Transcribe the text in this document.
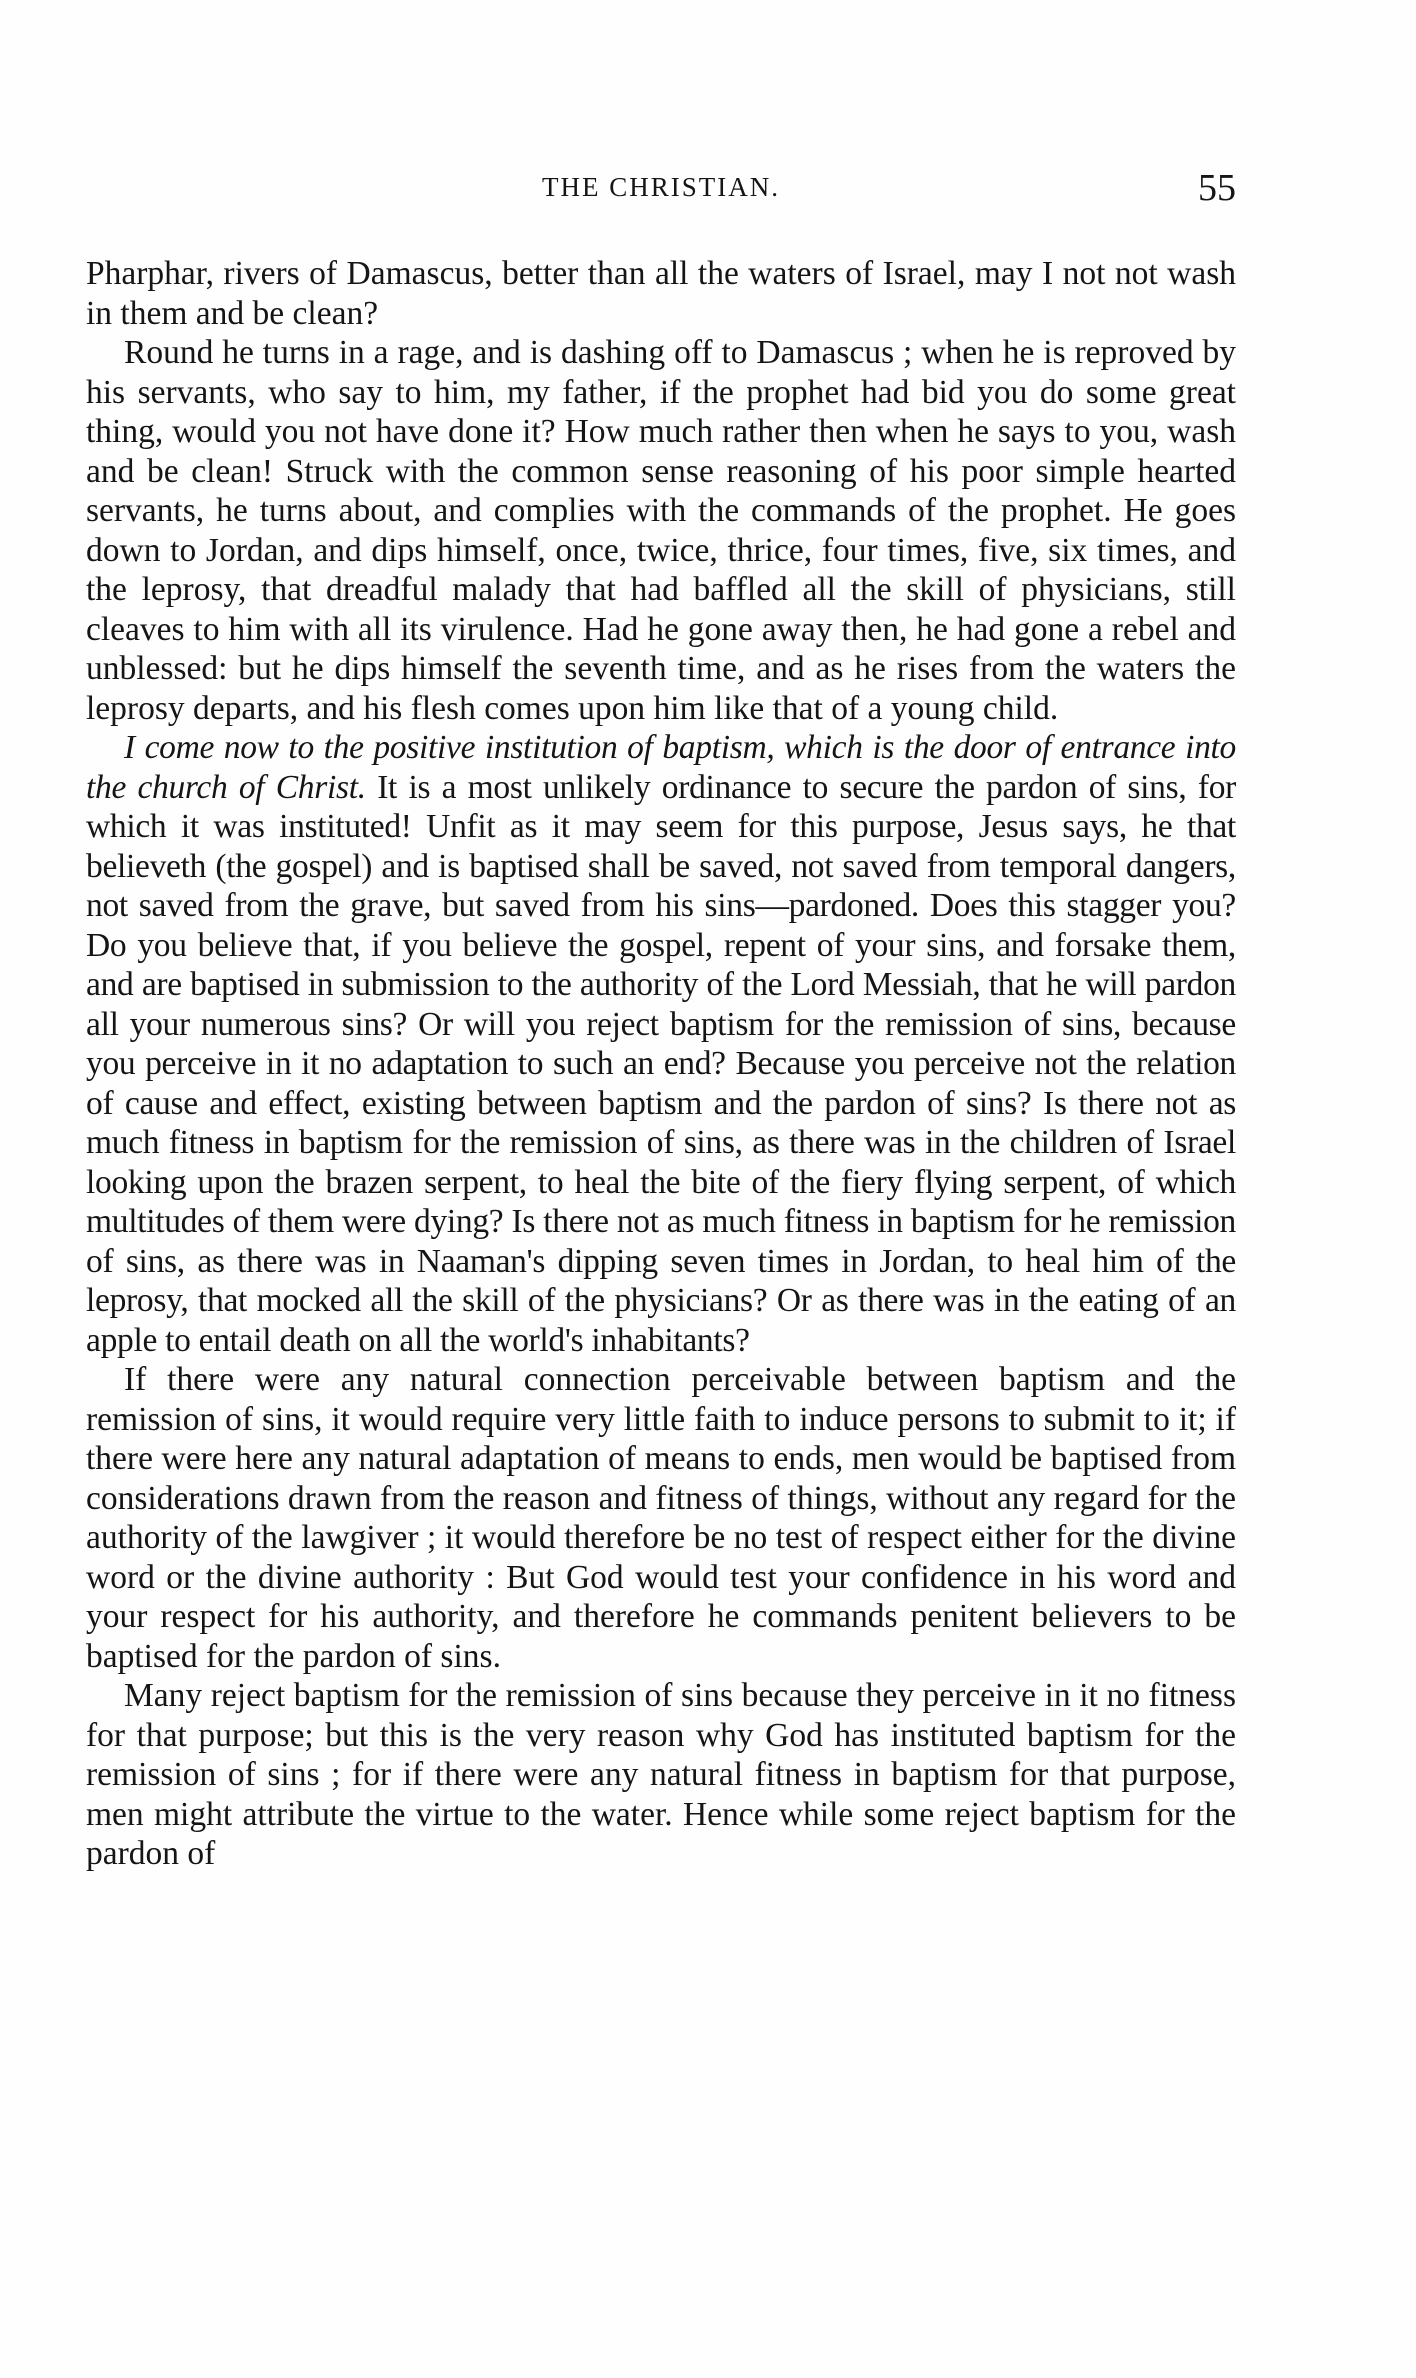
THE CHRISTIAN.	55

Pharphar, rivers of Damascus, better than all the waters of Israel, may I not not wash in them and be clean?

Round he turns in a rage, and is dashing off to Damascus ; when he is reproved by his servants, who say to him, my father, if the prophet had bid you do some great thing, would you not have done it? How much rather then when he says to you, wash and be clean! Struck with the common sense reasoning of his poor simple hearted servants, he turns about, and complies with the commands of the prophet. He goes down to Jordan, and dips himself, once, twice, thrice, four times, five, six times, and the leprosy, that dreadful malady that had baffled all the skill of physicians, still cleaves to him with all its virulence. Had he gone away then, he had gone a rebel and unblessed: but he dips himself the seventh time, and as he rises from the waters the leprosy departs, and his flesh comes upon him like that of a young child.

I come now to the positive institution of baptism, which is the door of entrance into the church of Christ. It is a most unlikely ordinance to secure the pardon of sins, for which it was instituted! Unfit as it may seem for this purpose, Jesus says, he that believeth (the gospel) and is baptised shall be saved, not saved from temporal dangers, not saved from the grave, but saved from his sins—pardoned. Does this stagger you? Do you believe that, if you believe the gospel, repent of your sins, and forsake them, and are baptised in submission to the authority of the Lord Messiah, that he will pardon all your numerous sins? Or will you reject baptism for the remission of sins, because you perceive in it no adaptation to such an end? Because you perceive not the relation of cause and effect, existing between baptism and the pardon of sins? Is there not as much fitness in baptism for the remission of sins, as there was in the children of Israel looking upon the brazen serpent, to heal the bite of the fiery flying serpent, of which multitudes of them were dying? Is there not as much fitness in baptism for he remission of sins, as there was in Naaman's dipping seven times in Jordan, to heal him of the leprosy, that mocked all the skill of the physicians? Or as there was in the eating of an apple to entail death on all the world's inhabitants?

If there were any natural connection perceivable between baptism and the remission of sins, it would require very little faith to induce persons to submit to it; if there were here any natural adaptation of means to ends, men would be baptised from considerations drawn from the reason and fitness of things, without any regard for the authority of the lawgiver ; it would therefore be no test of respect either for the divine word or the divine authority : But God would test your confidence in his word and your respect for his authority, and therefore he commands penitent believers to be baptised for the pardon of sins.

Many reject baptism for the remission of sins because they perceive in it no fitness for that purpose; but this is the very reason why God has instituted baptism for the remission of sins ; for if there were any natural fitness in baptism for that purpose, men might attribute the virtue to the water. Hence while some reject baptism for the pardon of
